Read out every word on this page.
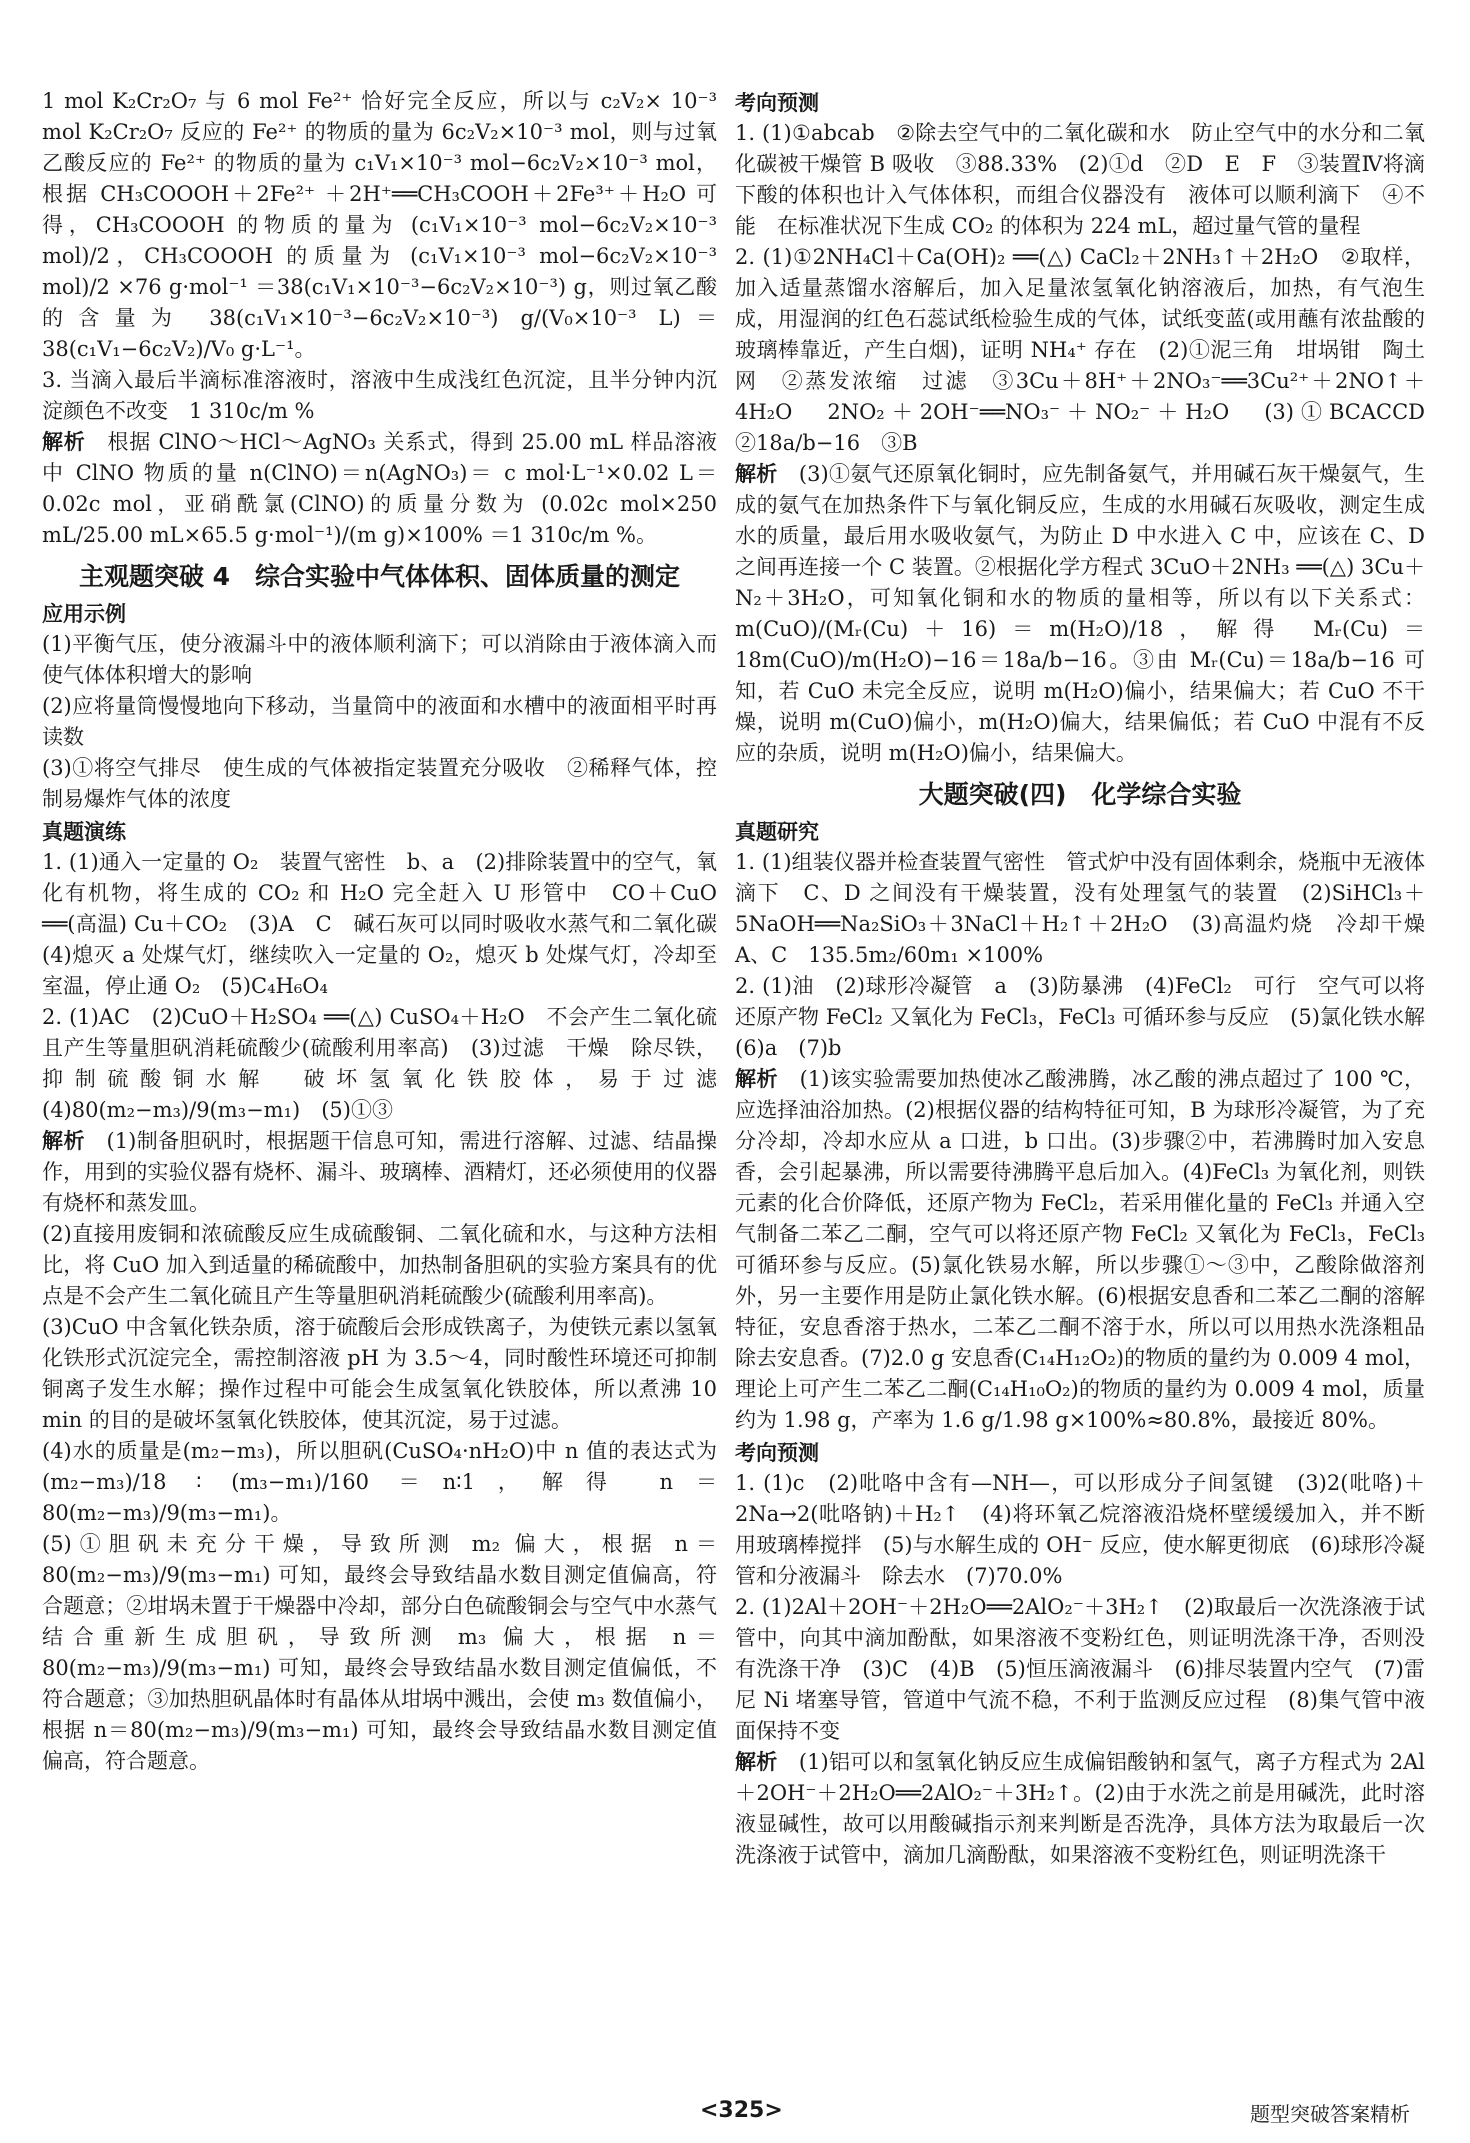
1 mol K₂Cr₂O₇ 与 6 mol Fe²⁺ 恰好完全反应，所以与 c₂V₂× 10⁻³ mol K₂Cr₂O₇ 反应的 Fe²⁺ 的物质的量为 6c₂V₂×10⁻³ mol，则与过氧乙酸反应的 Fe²⁺ 的物质的量为 c₁V₁×10⁻³ mol−6c₂V₂×10⁻³ mol，根据 CH₃COOOH＋2Fe²⁺ ＋2H⁺══CH₃COOH＋2Fe³⁺＋H₂O 可得，CH₃COOOH 的物质的量为 (c₁V₁×10⁻³ mol−6c₂V₂×10⁻³ mol)/2，CH₃COOOH 的质量为 (c₁V₁×10⁻³ mol−6c₂V₂×10⁻³ mol)/2 ×76 g·mol⁻¹ ＝38(c₁V₁×10⁻³−6c₂V₂×10⁻³) g，则过氧乙酸的含量为 38(c₁V₁×10⁻³−6c₂V₂×10⁻³) g/(V₀×10⁻³ L)＝38(c₁V₁−6c₂V₂)/V₀ g·L⁻¹。

3. 当滴入最后半滴标准溶液时，溶液中生成浅红色沉淀，且半分钟内沉淀颜色不改变　1 310c/m %

解析　 根据 ClNO～HCl～AgNO₃ 关系式，得到 25.00 mL 样品溶液中 ClNO 物质的量 n(ClNO)＝n(AgNO₃)＝ c mol·L⁻¹×0.02 L＝0.02c mol，亚硝酰氯(ClNO)的质量分数为 (0.02c mol×250 mL/25.00 mL×65.5 g·mol⁻¹)/(m g)×100% ＝1 310c/m %。

主观题突破 4　综合实验中气体体积、固体质量的测定
应用示例

(1)平衡气压，使分液漏斗中的液体顺利滴下；可以消除由于液体滴入而使气体体积增大的影响

(2)应将量筒慢慢地向下移动，当量筒中的液面和水槽中的液面相平时再读数

(3)①将空气排尽　使生成的气体被指定装置充分吸收　②稀释气体，控制易爆炸气体的浓度

真题演练

1. (1)通入一定量的 O₂　装置气密性　b、a　(2)排除装置中的空气，氧化有机物，将生成的 CO₂ 和 H₂O 完全赶入 U 形管中　CO＋CuO ══(高温) Cu＋CO₂　(3)A　C　碱石灰可以同时吸收水蒸气和二氧化碳　(4)熄灭 a 处煤气灯，继续吹入一定量的 O₂，熄灭 b 处煤气灯，冷却至室温，停止通 O₂　(5)C₄H₆O₄

2. (1)AC　(2)CuO＋H₂SO₄ ══(△) CuSO₄＋H₂O　不会产生二氧化硫且产生等量胆矾消耗硫酸少(硫酸利用率高)　(3)过滤　干燥　除尽铁，抑制硫酸铜水解　破坏氢氧化铁胶体，易于过滤　(4)80(m₂−m₃)/9(m₃−m₁)　(5)①③

解析　 (1)制备胆矾时，根据题干信息可知，需进行溶解、过滤、结晶操作，用到的实验仪器有烧杯、漏斗、玻璃棒、酒精灯，还必须使用的仪器有烧杯和蒸发皿。

(2)直接用废铜和浓硫酸反应生成硫酸铜、二氧化硫和水，与这种方法相比，将 CuO 加入到适量的稀硫酸中，加热制备胆矾的实验方案具有的优点是不会产生二氧化硫且产生等量胆矾消耗硫酸少(硫酸利用率高)。

(3)CuO 中含氧化铁杂质，溶于硫酸后会形成铁离子，为使铁元素以氢氧化铁形式沉淀完全，需控制溶液 pH 为 3.5～4，同时酸性环境还可抑制铜离子发生水解；操作过程中可能会生成氢氧化铁胶体，所以煮沸 10 min 的目的是破坏氢氧化铁胶体，使其沉淀，易于过滤。

(4)水的质量是(m₂−m₃)，所以胆矾(CuSO₄·nH₂O)中 n 值的表达式为 (m₂−m₃)/18 ∶ (m₃−m₁)/160 ＝n∶1，解得 n＝80(m₂−m₃)/9(m₃−m₁)。

(5)①胆矾未充分干燥，导致所测 m₂ 偏大，根据 n＝80(m₂−m₃)/9(m₃−m₁) 可知，最终会导致结晶水数目测定值偏高，符合题意；②坩埚未置于干燥器中冷却，部分白色硫酸铜会与空气中水蒸气结合重新生成胆矾，导致所测 m₃ 偏大，根据 n＝80(m₂−m₃)/9(m₃−m₁) 可知，最终会导致结晶水数目测定值偏低，不符合题意；③加热胆矾晶体时有晶体从坩埚中溅出，会使 m₃ 数值偏小，根据 n＝80(m₂−m₃)/9(m₃−m₁) 可知，最终会导致结晶水数目测定值偏高，符合题意。

考向预测

1. (1)①abcab　②除去空气中的二氧化碳和水　防止空气中的水分和二氧化碳被干燥管 B 吸收　③88.33%　(2)①d　②D　E　F　③装置Ⅳ将滴下酸的体积也计入气体体积，而组合仪器没有　液体可以顺利滴下　④不能　在标准状况下生成 CO₂ 的体积为 224 mL，超过量气管的量程

2. (1)①2NH₄Cl＋Ca(OH)₂ ══(△) CaCl₂＋2NH₃↑＋2H₂O　②取样，加入适量蒸馏水溶解后，加入足量浓氢氧化钠溶液后，加热，有气泡生成，用湿润的红色石蕊试纸检验生成的气体，试纸变蓝(或用蘸有浓盐酸的玻璃棒靠近，产生白烟)，证明 NH₄⁺ 存在　(2)①泥三角　坩埚钳　陶土网　②蒸发浓缩　过滤　③3Cu＋8H⁺＋2NO₃⁻══3Cu²⁺＋2NO↑＋4H₂O　2NO₂＋2OH⁻══NO₃⁻＋NO₂⁻＋H₂O　(3)①BCACCD　②18a/b−16　③B

解析　 (3)①氨气还原氧化铜时，应先制备氨气，并用碱石灰干燥氨气，生成的氨气在加热条件下与氧化铜反应，生成的水用碱石灰吸收，测定生成水的质量，最后用水吸收氨气，为防止 D 中水进入 C 中，应该在 C、D 之间再连接一个 C 装置。②根据化学方程式 3CuO＋2NH₃ ══(△) 3Cu＋N₂＋3H₂O，可知氧化铜和水的物质的量相等，所以有以下关系式：m(CuO)/(Mᵣ(Cu)＋16)＝m(H₂O)/18，解得 Mᵣ(Cu)＝18m(CuO)/m(H₂O)−16＝18a/b−16。③由 Mᵣ(Cu)＝18a/b−16 可知，若 CuO 未完全反应，说明 m(H₂O)偏小，结果偏大；若 CuO 不干燥，说明 m(CuO)偏小，m(H₂O)偏大，结果偏低；若 CuO 中混有不反应的杂质，说明 m(H₂O)偏小，结果偏大。

大题突破(四)　化学综合实验
真题研究

1. (1)组装仪器并检查装置气密性　管式炉中没有固体剩余，烧瓶中无液体滴下　C、D 之间没有干燥装置，没有处理氢气的装置　(2)SiHCl₃＋5NaOH══Na₂SiO₃＋3NaCl＋H₂↑＋2H₂O　(3)高温灼烧　冷却干燥　A、C　135.5m₂/60m₁ ×100%

2. (1)油　(2)球形冷凝管　a　(3)防暴沸　(4)FeCl₂　可行　空气可以将还原产物 FeCl₂ 又氧化为 FeCl₃，FeCl₃ 可循环参与反应　(5)氯化铁水解　(6)a　(7)b

解析　 (1)该实验需要加热使冰乙酸沸腾，冰乙酸的沸点超过了 100 ℃，应选择油浴加热。(2)根据仪器的结构特征可知，B 为球形冷凝管，为了充分冷却，冷却水应从 a 口进，b 口出。(3)步骤②中，若沸腾时加入安息香，会引起暴沸，所以需要待沸腾平息后加入。(4)FeCl₃ 为氧化剂，则铁元素的化合价降低，还原产物为 FeCl₂，若采用催化量的 FeCl₃ 并通入空气制备二苯乙二酮，空气可以将还原产物 FeCl₂ 又氧化为 FeCl₃，FeCl₃ 可循环参与反应。(5)氯化铁易水解，所以步骤①～③中，乙酸除做溶剂外，另一主要作用是防止氯化铁水解。(6)根据安息香和二苯乙二酮的溶解特征，安息香溶于热水，二苯乙二酮不溶于水，所以可以用热水洗涤粗品除去安息香。(7)2.0 g 安息香(C₁₄H₁₂O₂)的物质的量约为 0.009 4 mol，理论上可产生二苯乙二酮(C₁₄H₁₀O₂)的物质的量约为 0.009 4 mol，质量约为 1.98 g，产率为 1.6 g/1.98 g×100%≈80.8%，最接近 80%。

考向预测

1. (1)c　(2)吡咯中含有—NH—，可以形成分子间氢键　(3)2(吡咯)＋2Na→2(吡咯钠)＋H₂↑　(4)将环氧乙烷溶液沿烧杯壁缓缓加入，并不断用玻璃棒搅拌　(5)与水解生成的 OH⁻ 反应，使水解更彻底　(6)球形冷凝管和分液漏斗　除去水　(7)70.0%

2. (1)2Al＋2OH⁻＋2H₂O══2AlO₂⁻＋3H₂↑　(2)取最后一次洗涤液于试管中，向其中滴加酚酞，如果溶液不变粉红色，则证明洗涤干净，否则没有洗涤干净　(3)C　(4)B　(5)恒压滴液漏斗　(6)排尽装置内空气　(7)雷尼 Ni 堵塞导管，管道中气流不稳，不利于监测反应过程　(8)集气管中液面保持不变

解析　 (1)铝可以和氢氧化钠反应生成偏铝酸钠和氢气，离子方程式为 2Al＋2OH⁻＋2H₂O══2AlO₂⁻＋3H₂↑。(2)由于水洗之前是用碱洗，此时溶液显碱性，故可以用酸碱指示剂来判断是否洗净，具体方法为取最后一次洗涤液于试管中，滴加几滴酚酞，如果溶液不变粉红色，则证明洗涤干

<325>	题型突破答案精析
